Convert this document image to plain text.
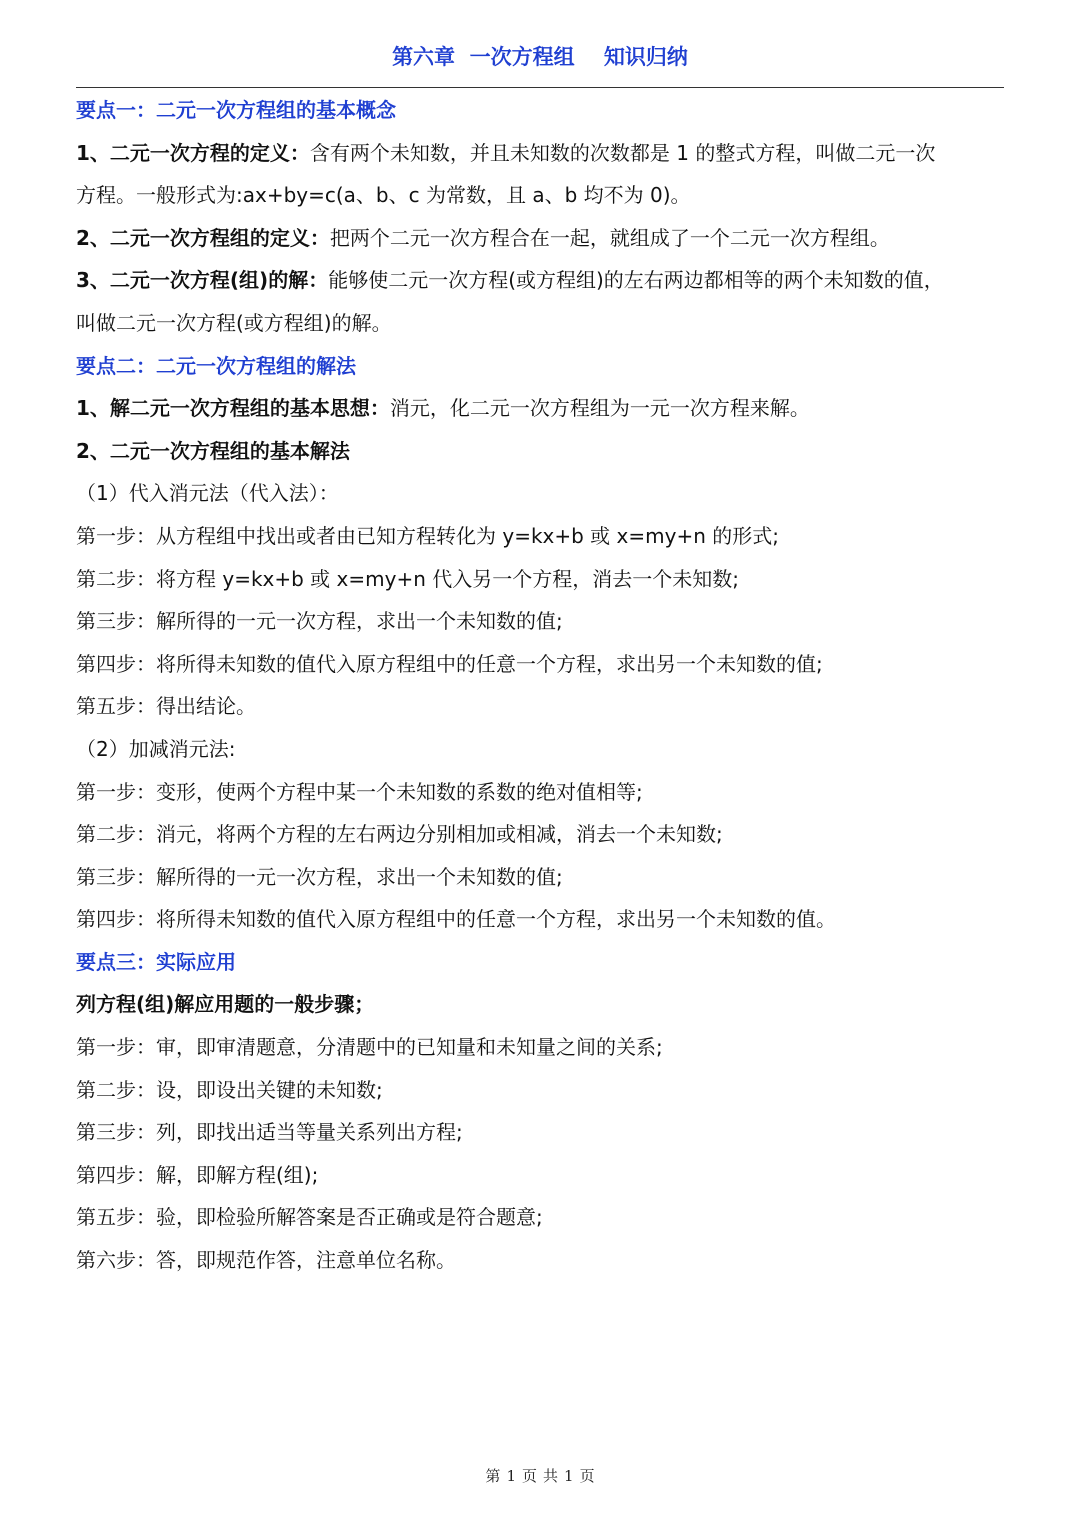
第六章  一次方程组    知识归纳
要点一：二元一次方程组的基本概念
1、二元一次方程的定义：含有两个未知数，并且未知数的次数都是 1 的整式方程，叫做二元一次
方程。一般形式为:ax+by=c(a、b、c 为常数，且 a、b 均不为 0)。
2、二元一次方程组的定义：把两个二元一次方程合在一起，就组成了一个二元一次方程组。
3、二元一次方程(组)的解：能够使二元一次方程(或方程组)的左右两边都相等的两个未知数的值，
叫做二元一次方程(或方程组)的解。
要点二：二元一次方程组的解法
1、解二元一次方程组的基本思想：消元，化二元一次方程组为一元一次方程来解。
2、二元一次方程组的基本解法
（1）代入消元法（代入法）：
第一步：从方程组中找出或者由已知方程转化为 y=kx+b 或 x=my+n 的形式;
第二步：将方程 y=kx+b 或 x=my+n 代入另一个方程，消去一个未知数;
第三步：解所得的一元一次方程，求出一个未知数的值;
第四步：将所得未知数的值代入原方程组中的任意一个方程，求出另一个未知数的值;
第五步：得出结论。
（2）加减消元法:
第一步：变形，使两个方程中某一个未知数的系数的绝对值相等;
第二步：消元，将两个方程的左右两边分别相加或相减，消去一个未知数;
第三步：解所得的一元一次方程，求出一个未知数的值;
第四步：将所得未知数的值代入原方程组中的任意一个方程，求出另一个未知数的值。
要点三：实际应用
列方程(组)解应用题的一般步骤；
第一步：审，即审清题意，分清题中的已知量和未知量之间的关系;
第二步：设，即设出关键的未知数;
第三步：列，即找出适当等量关系列出方程;
第四步：解，即解方程(组);
第五步：验，即检验所解答案是否正确或是符合题意;
第六步：答，即规范作答，注意单位名称。
第 1 页 共 1 页
